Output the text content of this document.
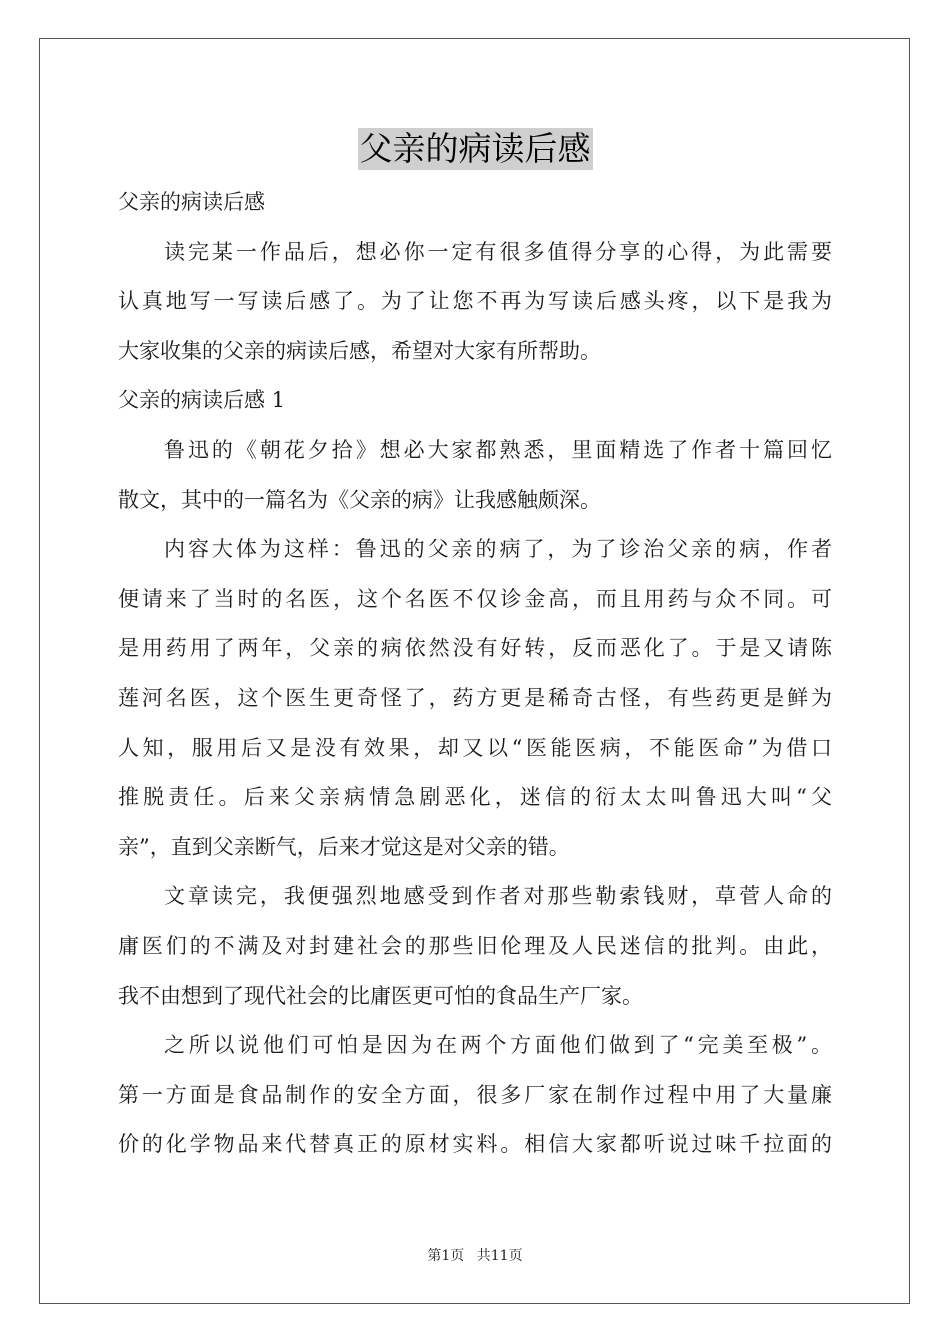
父亲的病读后感
父亲的病读后感
读完某一作品后，想必你一定有很多值得分享的心得，为此需要
认真地写一写读后感了。为了让您不再为写读后感头疼，以下是我为
大家收集的父亲的病读后感，希望对大家有所帮助。
父亲的病读后感 1
鲁迅的《朝花夕拾》想必大家都熟悉，里面精选了作者十篇回忆
散文，其中的一篇名为《父亲的病》让我感触颇深。
内容大体为这样：鲁迅的父亲的病了，为了诊治父亲的病，作者
便请来了当时的名医，这个名医不仅诊金高，而且用药与众不同。可
是用药用了两年，父亲的病依然没有好转，反而恶化了。于是又请陈
莲河名医，这个医生更奇怪了，药方更是稀奇古怪，有些药更是鲜为
人知，服用后又是没有效果，却又以“医能医病，不能医命”为借口
推脱责任。后来父亲病情急剧恶化，迷信的衍太太叫鲁迅大叫“父
亲”，直到父亲断气，后来才觉这是对父亲的错。
文章读完，我便强烈地感受到作者对那些勒索钱财，草菅人命的
庸医们的不满及对封建社会的那些旧伦理及人民迷信的批判。由此，
我不由想到了现代社会的比庸医更可怕的食品生产厂家。
之所以说他们可怕是因为在两个方面他们做到了“完美至极”。
第一方面是食品制作的安全方面，很多厂家在制作过程中用了大量廉
价的化学物品来代替真正的原材实料。相信大家都听说过味千拉面的
第1页 共11页
